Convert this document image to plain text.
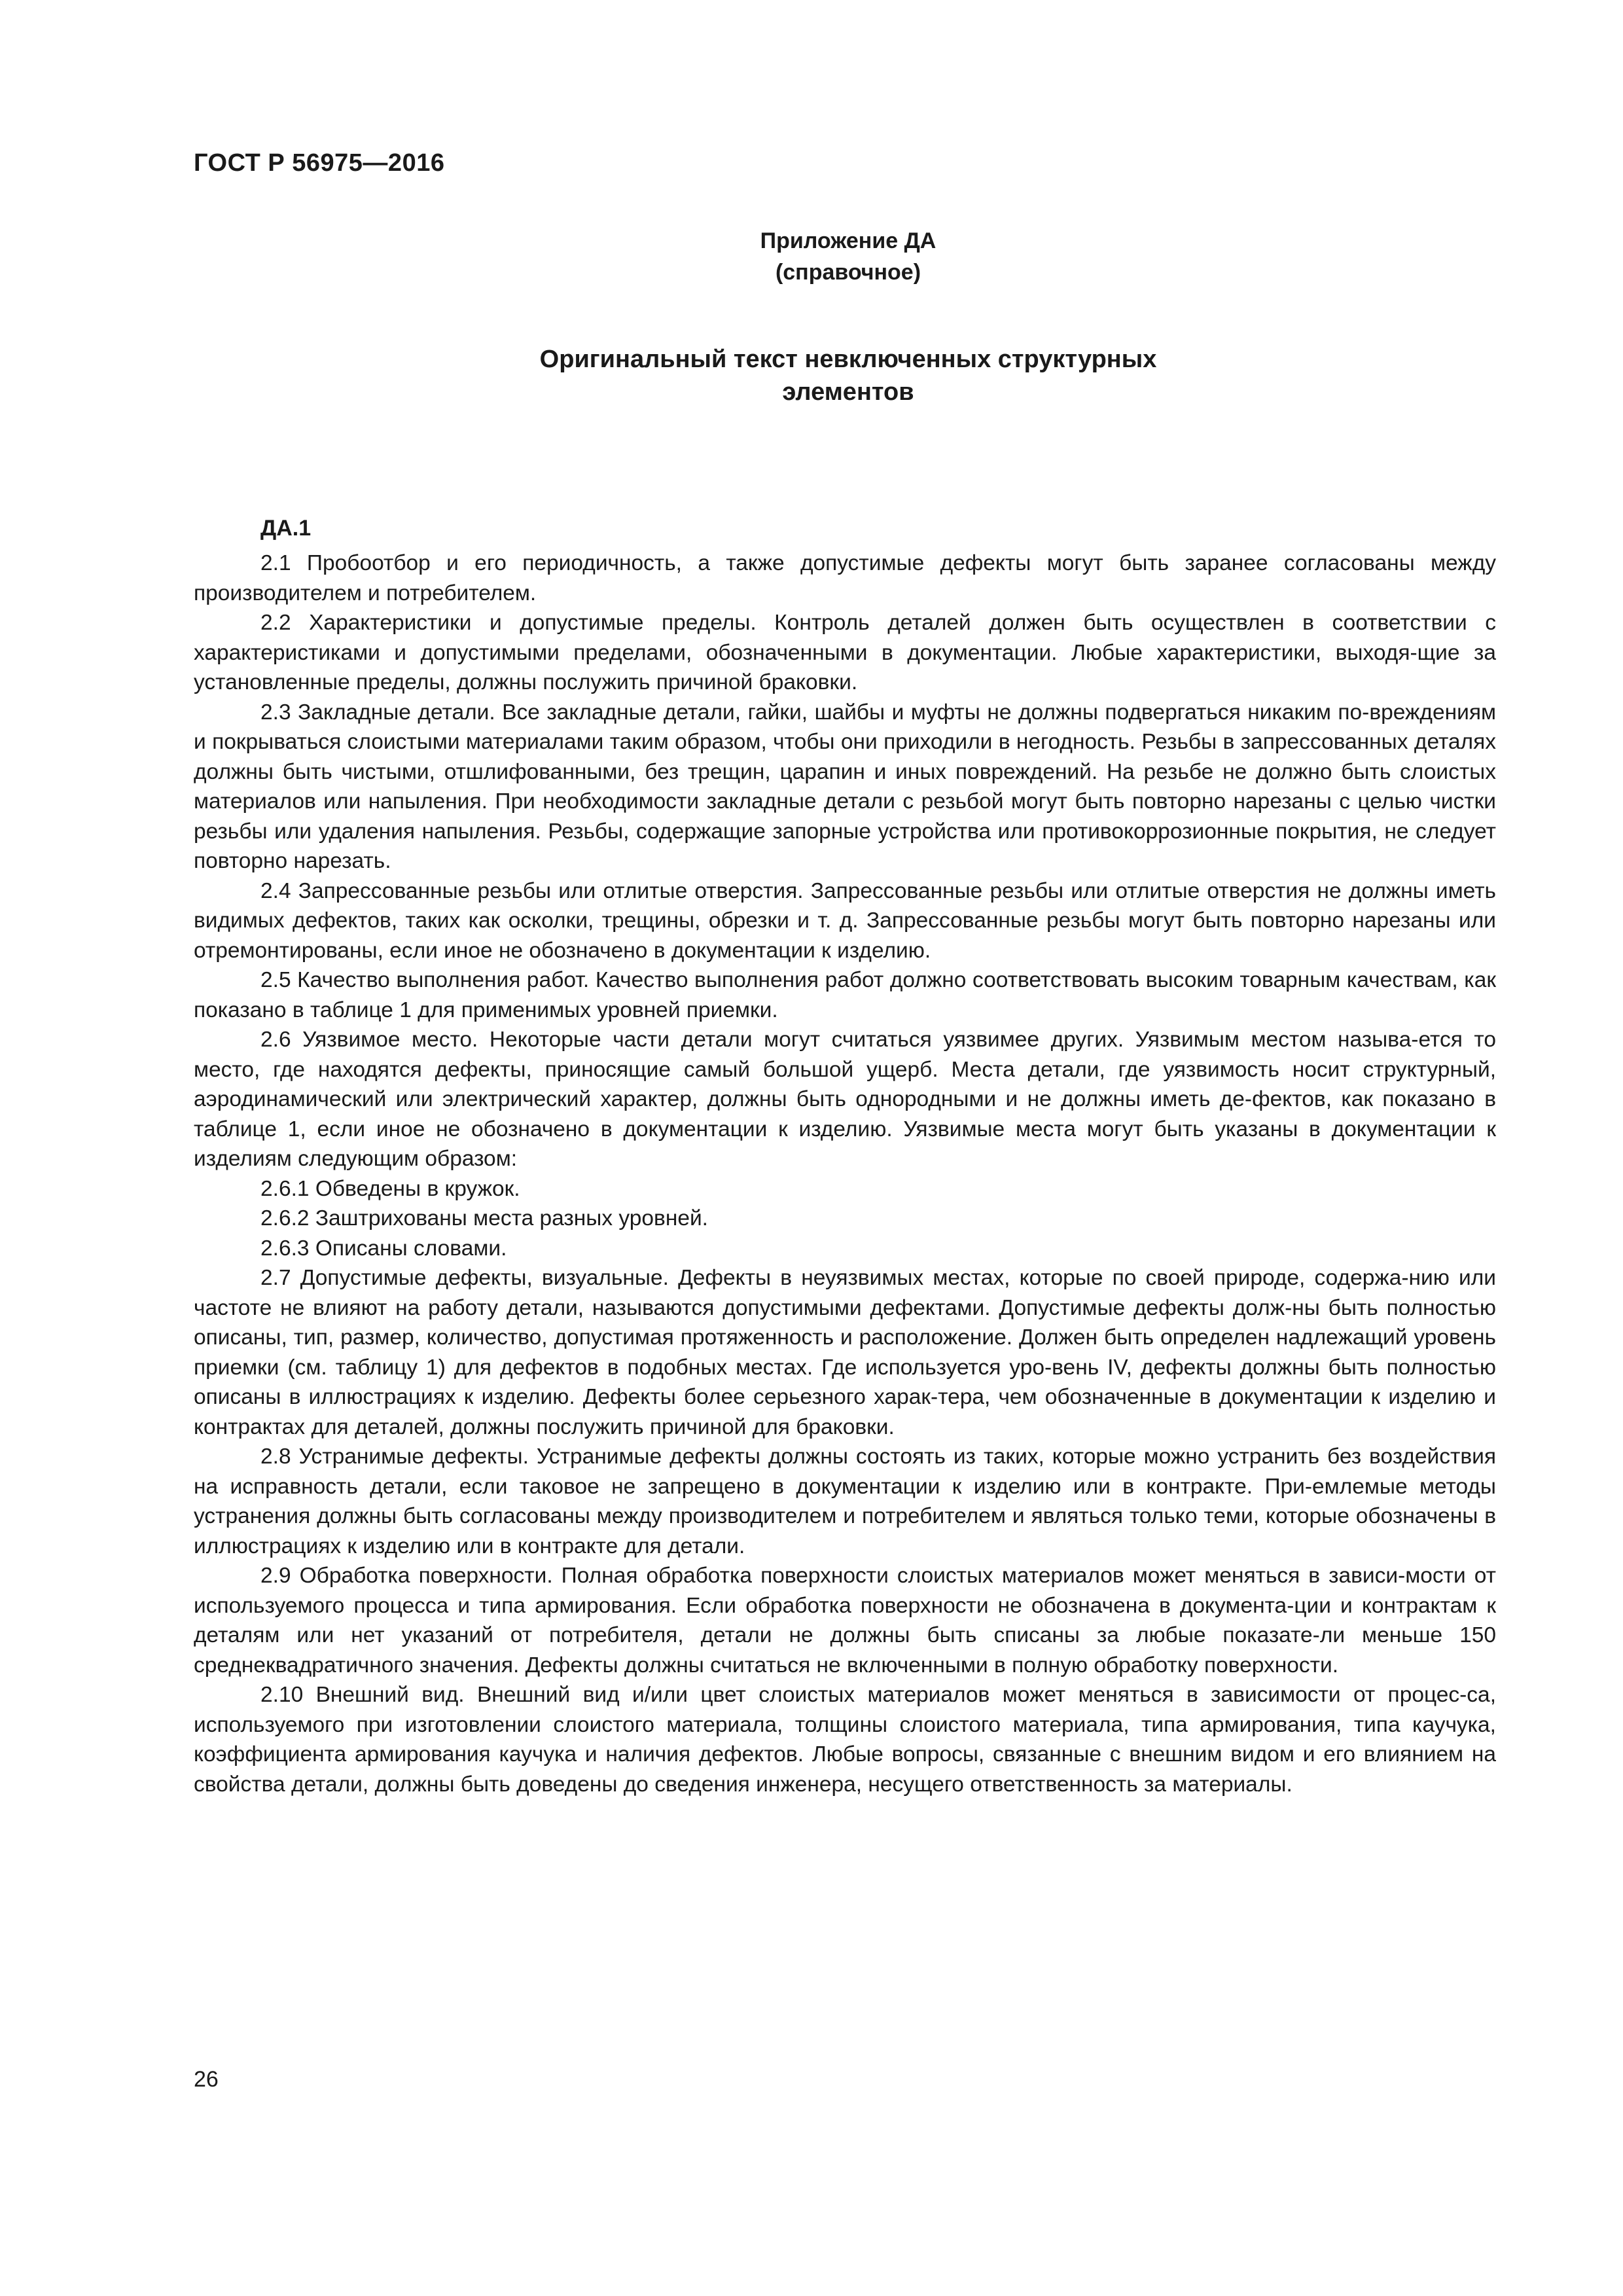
ГОСТ Р 56975—2016
Приложение ДА
(справочное)
Оригинальный текст невключенных структурных
элементов
ДА.1

2.1 Пробоотбор и его периодичность, а также допустимые дефекты могут быть заранее согласованы между производителем и потребителем.

2.2 Характеристики и допустимые пределы. Контроль деталей должен быть осуществлен в соответствии с характеристиками и допустимыми пределами, обозначенными в документации. Любые характеристики, выходя-щие за установленные пределы, должны послужить причиной браковки.

2.3 Закладные детали. Все закладные детали, гайки, шайбы и муфты не должны подвергаться никаким по-вреждениям и покрываться слоистыми материалами таким образом, чтобы они приходили в негодность. Резьбы в запрессованных деталях должны быть чистыми, отшлифованными, без трещин, царапин и иных повреждений. На резьбе не должно быть слоистых материалов или напыления. При необходимости закладные детали с резьбой могут быть повторно нарезаны с целью чистки резьбы или удаления напыления. Резьбы, содержащие запорные устройства или противокоррозионные покрытия, не следует повторно нарезать.

2.4 Запрессованные резьбы или отлитые отверстия. Запрессованные резьбы или отлитые отверстия не должны иметь видимых дефектов, таких как осколки, трещины, обрезки и т. д. Запрессованные резьбы могут быть повторно нарезаны или отремонтированы, если иное не обозначено в документации к изделию.

2.5 Качество выполнения работ. Качество выполнения работ должно соответствовать высоким товарным качествам, как показано в таблице 1 для применимых уровней приемки.

2.6 Уязвимое место. Некоторые части детали могут считаться уязвимее других. Уязвимым местом называ-ется то место, где находятся дефекты, приносящие самый большой ущерб. Места детали, где уязвимость носит структурный, аэродинамический или электрический характер, должны быть однородными и не должны иметь де-фектов, как показано в таблице 1, если иное не обозначено в документации к изделию. Уязвимые места могут быть указаны в документации к изделиям следующим образом:

2.6.1 Обведены в кружок.

2.6.2 Заштрихованы места разных уровней.

2.6.3 Описаны словами.

2.7 Допустимые дефекты, визуальные. Дефекты в неуязвимых местах, которые по своей природе, содержа-нию или частоте не влияют на работу детали, называются допустимыми дефектами. Допустимые дефекты долж-ны быть полностью описаны, тип, размер, количество, допустимая протяженность и расположение. Должен быть определен надлежащий уровень приемки (см. таблицу 1) для дефектов в подобных местах. Где используется уро-вень IV, дефекты должны быть полностью описаны в иллюстрациях к изделию. Дефекты более серьезного харак-тера, чем обозначенные в документации к изделию и контрактах для деталей, должны послужить причиной для браковки.

2.8 Устранимые дефекты. Устранимые дефекты должны состоять из таких, которые можно устранить без воздействия на исправность детали, если таковое не запрещено в документации к изделию или в контракте. При-емлемые методы устранения должны быть согласованы между производителем и потребителем и являться только теми, которые обозначены в иллюстрациях к изделию или в контракте для детали.

2.9 Обработка поверхности. Полная обработка поверхности слоистых материалов может меняться в зависи-мости от используемого процесса и типа армирования. Если обработка поверхности не обозначена в документа-ции и контрактам к деталям или нет указаний от потребителя, детали не должны быть списаны за любые показате-ли меньше 150 среднеквадратичного значения. Дефекты должны считаться не включенными в полную обработку поверхности.

2.10 Внешний вид. Внешний вид и/или цвет слоистых материалов может меняться в зависимости от процес-са, используемого при изготовлении слоистого материала, толщины слоистого материала, типа армирования, типа каучука, коэффициента армирования каучука и наличия дефектов. Любые вопросы, связанные с внешним видом и его влиянием на свойства детали, должны быть доведены до сведения инженера, несущего ответственность за материалы.

26
